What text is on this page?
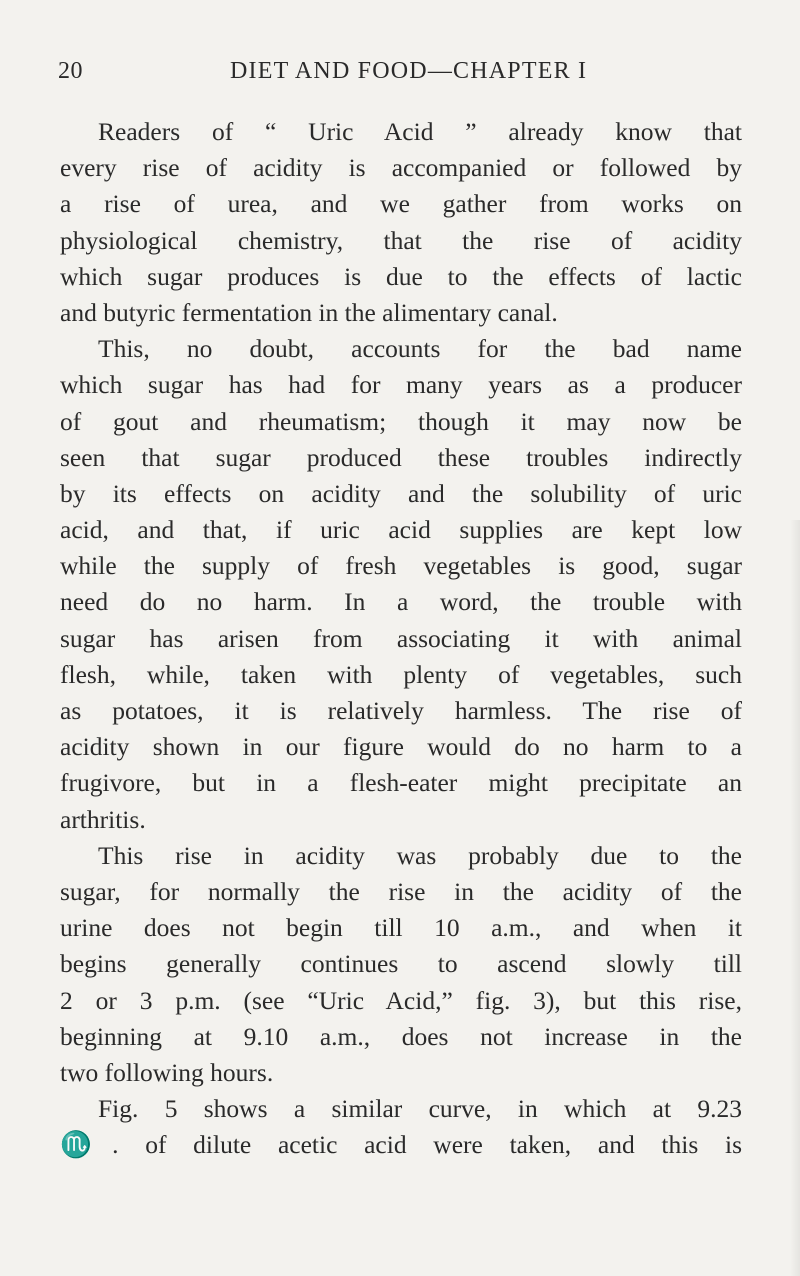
20	DIET AND FOOD—CHAPTER I
Readers of “ Uric Acid ” already know that
every rise of acidity is accompanied or followed by
a rise of urea, and we gather from works on
physiological chemistry, that the rise of acidity
which sugar produces is due to the effects of lactic
and butyric fermentation in the alimentary canal.
This, no doubt, accounts for the bad name
which sugar has had for many years as a producer
of gout and rheumatism; though it may now be
seen that sugar produced these troubles indirectly
by its effects on acidity and the solubility of uric
acid, and that, if uric acid supplies are kept low
while the supply of fresh vegetables is good, sugar
need do no harm. In a word, the trouble with
sugar has arisen from associating it with animal
flesh, while, taken with plenty of vegetables, such
as potatoes, it is relatively harmless. The rise of
acidity shown in our figure would do no harm to a
frugivore, but in a flesh-eater might precipitate an
arthritis.
This rise in acidity was probably due to the
sugar, for normally the rise in the acidity of the
urine does not begin till 10 a.m., and when it
begins generally continues to ascend slowly till
2 or 3 p.m. (see “Uric Acid,” fig. 3), but this rise,
beginning at 9.10 a.m., does not increase in the
two following hours.
Fig. 5 shows a similar curve, in which at 9.23
♏. of dilute acetic acid were taken, and this is
